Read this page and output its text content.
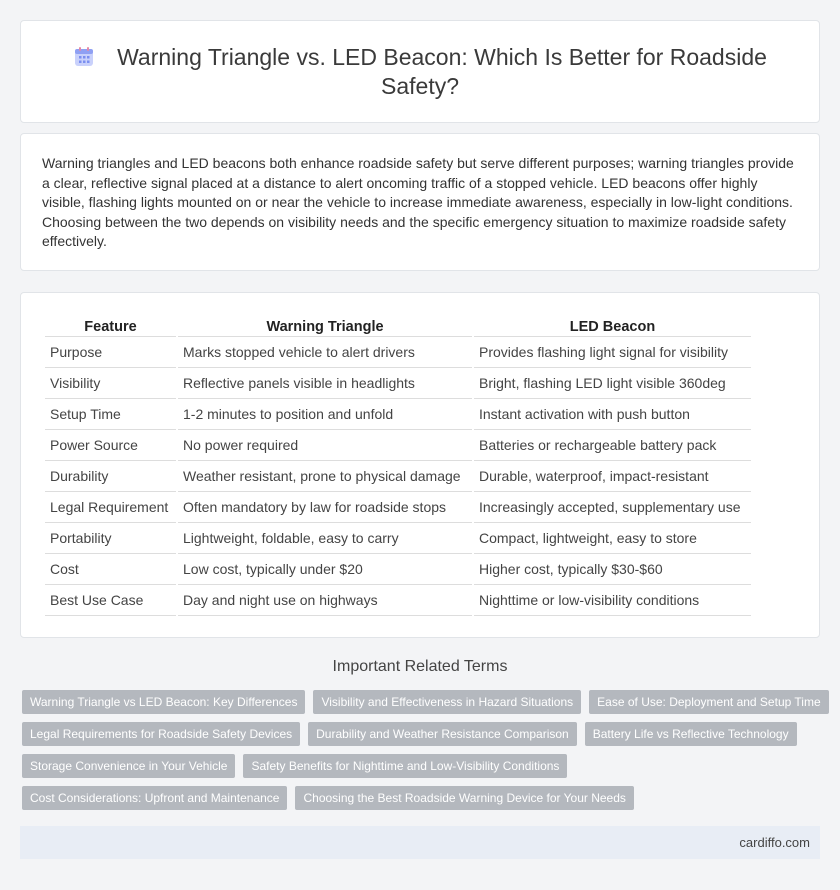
Warning Triangle vs. LED Beacon: Which Is Better for Roadside Safety?

Warning triangles and LED beacons both enhance roadside safety but serve different purposes; warning triangles provide a clear, reflective signal placed at a distance to alert oncoming traffic of a stopped vehicle. LED beacons offer highly visible, flashing lights mounted on or near the vehicle to increase immediate awareness, especially in low-light conditions. Choosing between the two depends on visibility needs and the specific emergency situation to maximize roadside safety effectively.

Feature	Warning Triangle	LED Beacon
Purpose	Marks stopped vehicle to alert drivers	Provides flashing light signal for visibility
Visibility	Reflective panels visible in headlights	Bright, flashing LED light visible 360deg
Setup Time	1-2 minutes to position and unfold	Instant activation with push button
Power Source	No power required	Batteries or rechargeable battery pack
Durability	Weather resistant, prone to physical damage	Durable, waterproof, impact-resistant
Legal Requirement	Often mandatory by law for roadside stops	Increasingly accepted, supplementary use
Portability	Lightweight, foldable, easy to carry	Compact, lightweight, easy to store
Cost	Low cost, typically under $20	Higher cost, typically $30-$60
Best Use Case	Day and night use on highways	Nighttime or low-visibility conditions
Important Related Terms
Warning Triangle vs LED Beacon: Key Differences	Visibility and Effectiveness in Hazard Situations	Ease of Use: Deployment and Setup Time
Legal Requirements for Roadside Safety Devices	Durability and Weather Resistance Comparison	Battery Life vs Reflective Technology
Storage Convenience in Your Vehicle	Safety Benefits for Nighttime and Low-Visibility Conditions
Cost Considerations: Upfront and Maintenance	Choosing the Best Roadside Warning Device for Your Needs
cardiffo.com
